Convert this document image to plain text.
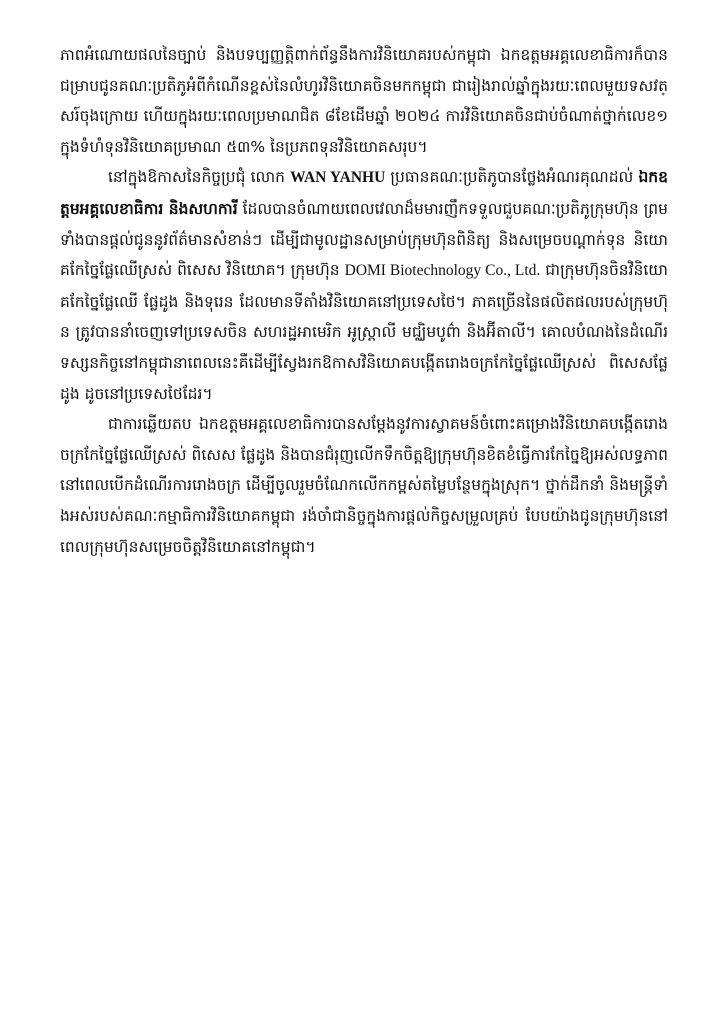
ភាពអំណោយផលនៃច្បាប់ និងបទប្បញ្ញត្តិពាក់ព័ន្ធនឹងការវិនិយោគរបស់កម្ពុជា ឯកឧត្តមអគ្គលេខាធិការក៏បានជម្រាបជូនគណៈប្រតិភូអំពីកំណើនខ្ពស់នៃលំហូរវិនិយោគចិនមកកម្ពុជា ជារៀងរាល់ឆ្នាំក្នុងរយៈពេលមួយទសវត្សរ៍ចុងក្រោយ ហើយក្នុងរយៈពេលប្រមាណជិត ៨ខែដើមឆ្នាំ ២០២៤ ការវិនិយោគចិនជាប់ចំណាត់ថ្នាក់លេខ១ ក្នុងទំហំទុនវិនិយោគប្រមាណ ៥៣% នៃប្រភពទុនវិនិយោគសរុប។

នៅក្នុងឱកាសនៃកិច្ចប្រជុំ លោក WAN YANHU ប្រធានគណៈប្រតិភូបានថ្លែងអំណរគុណដល់ ឯកឧត្តមអគ្គលេខាធិការ និងសហការី ដែលបានចំណាយពេលវេលាដ៏មមារញឹកទទួលជួបគណៈប្រតិភូក្រុមហ៊ុន ព្រមទាំងបានផ្តល់ជូននូវព័ត៌មានសំខាន់ៗ ដើម្បីជាមូលដ្ឋានសម្រាប់ក្រុមហ៊ុនពិនិត្យ និងសម្រេចបណ្តាក់ទុន និយោគកែច្នៃផ្លែឈើស្រស់ ពិសេស វិនិយោគ។ ក្រុមហ៊ុន DOMI Biotechnology Co., Ltd. ជាក្រុមហ៊ុនចិនវិនិយោគកែច្នៃផ្លែឈើ ផ្លែដូង និងទុរេន ដែលមានទីតាំងវិនិយោគនៅប្រទេសថៃ។ ភាគច្រើននៃផលិតផលរបស់ក្រុមហ៊ុន ត្រូវបាននាំចេញទៅប្រទេសចិន សហរដ្ឋអាមេរិក អូស្ត្រាលី មជ្ឈិមបូព៌ា និងអ៊ីតាលី។ គោលបំណងនៃដំណើរទស្សនកិច្ចនៅកម្ពុជានាពេលនេះគឺដើម្បីស្វែងរកឱកាសវិនិយោគបង្កើតរោងចក្រកែច្នៃផ្លែឈើស្រស់ ពិសេសផ្លែដូង ដូចនៅប្រទេសថៃដែរ។

ជាការឆ្លើយតប ឯកឧត្តមអគ្គលេខាធិការបានសម្តែងនូវការស្វាគមន៍ចំពោះគម្រោងវិនិយោគបង្កើតរោងចក្រកែច្នៃផ្លែឈើស្រស់ ពិសេស ផ្លែដូង និងបានជំរុញលើកទឹកចិត្តឱ្យក្រុមហ៊ុនខិតខំធ្វើការកែច្នៃឱ្យអស់លទ្ធភាព នៅពេលបើកដំណើរការរោងចក្រ ដើម្បីចូលរួមចំណែកលើកកម្ពស់តម្លៃបន្ថែមក្នុងស្រុក។ ថ្នាក់ដឹកនាំ និងមន្ត្រីទាំងអស់របស់គណៈកម្មាធិការវិនិយោគកម្ពុជា រង់ចាំជានិច្ចក្នុងការផ្តល់កិច្ចសម្រួលគ្រប់ បែបយ៉ាងជូនក្រុមហ៊ុននៅពេលក្រុមហ៊ុនសម្រេចចិត្តវិនិយោគនៅកម្ពុជា។
